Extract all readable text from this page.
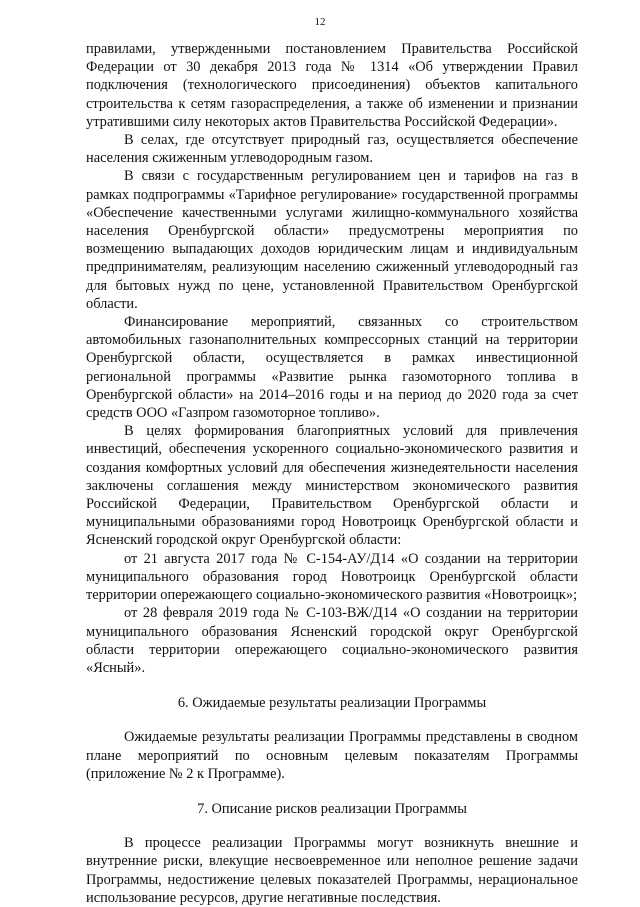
12

правилами, утвержденными постановлением Правительства Российской Федерации от 30 декабря 2013 года № 1314 «Об утверждении Правил подключения (технологического присоединения) объектов капитального строительства к сетям газораспределения, а также об изменении и признании утратившими силу некоторых актов Правительства Российской Федерации».

В селах, где отсутствует природный газ, осуществляется обеспечение населения сжиженным углеводородным газом.

В связи с государственным регулированием цен и тарифов на газ в рамках подпрограммы «Тарифное регулирование» государственной программы «Обеспечение качественными услугами жилищно-коммунального хозяйства населения Оренбургской области» предусмотрены мероприятия по возмещению выпадающих доходов юридическим лицам и индивидуальным предпринимателям, реализующим населению сжиженный углеводородный газ для бытовых нужд по цене, установленной Правительством Оренбургской области.

Финансирование мероприятий, связанных со строительством автомобильных газонаполнительных компрессорных станций на территории Оренбургской области, осуществляется в рамках инвестиционной региональной программы «Развитие рынка газомоторного топлива в Оренбургской области» на 2014–2016 годы и на период до 2020 года за счет средств ООО «Газпром газомоторное топливо».

В целях формирования благоприятных условий для привлечения инвестиций, обеспечения ускоренного социально-экономического развития и создания комфортных условий для обеспечения жизнедеятельности населения заключены соглашения между министерством экономического развития Российской Федерации, Правительством Оренбургской области и муниципальными образованиями город Новотроицк Оренбургской области и Ясненский городской округ Оренбургской области:

от 21 августа 2017 года № С-154-АУ/Д14 «О создании на территории муниципального образования город Новотроицк Оренбургской области территории опережающего социально-экономического развития «Новотроицк»;

от 28 февраля 2019 года № С-103-ВЖ/Д14 «О создании на территории муниципального образования Ясненский городской округ Оренбургской области территории опережающего социально-экономического развития «Ясный».

6. Ожидаемые результаты реализации Программы

Ожидаемые результаты реализации Программы представлены в сводном плане мероприятий по основным целевым показателям Программы (приложение № 2 к Программе).

7. Описание рисков реализации Программы

В процессе реализации Программы могут возникнуть внешние и внутренние риски, влекущие несвоевременное или неполное решение задачи Программы, недостижение целевых показателей Программы, нерациональное использование ресурсов, другие негативные последствия.
